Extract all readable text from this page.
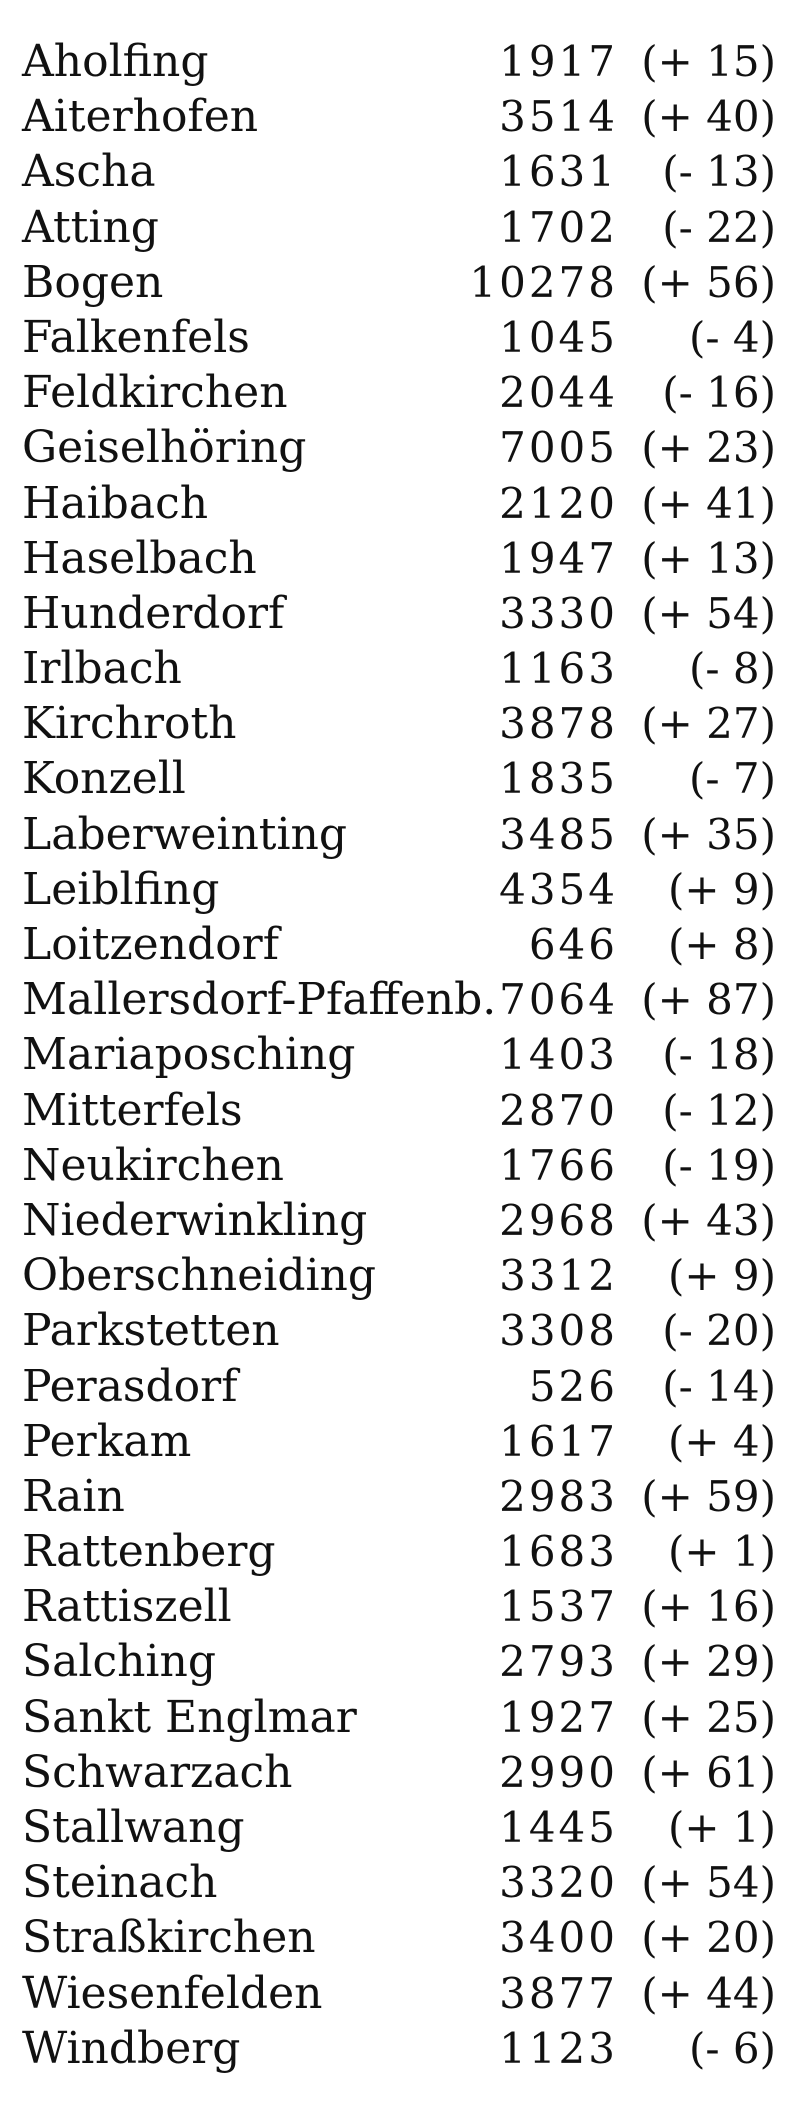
Aholfing	1917 (+ 15)
Aiterhofen	3514 (+ 40)
Ascha	1631 (- 13)
Atting	1702 (- 22)
Bogen	10278 (+ 56)
Falkenfels	1045 (- 4)
Feldkirchen	2044 (- 16)
Geiselhöring	7005 (+ 23)
Haibach	2120 (+ 41)
Haselbach	1947 (+ 13)
Hunderdorf	3330 (+ 54)
Irlbach	1163 (- 8)
Kirchroth	3878 (+ 27)
Konzell	1835 (- 7)
Laberweinting	3485 (+ 35)
Leiblfing	4354 (+ 9)
Loitzendorf	646 (+ 8)
Mallersdorf-Pfaffenb. 7064 (+ 87)
Mariaposching	1403 (- 18)
Mitterfels	2870 (- 12)
Neukirchen	1766 (- 19)
Niederwinkling	2968 (+ 43)
Oberschneiding	3312 (+ 9)
Parkstetten	3308 (- 20)
Perasdorf	526 (- 14)
Perkam	1617 (+ 4)
Rain	2983 (+ 59)
Rattenberg	1683 (+ 1)
Rattiszell	1537 (+ 16)
Salching	2793 (+ 29)
Sankt Englmar	1927 (+ 25)
Schwarzach	2990 (+ 61)
Stallwang	1445 (+ 1)
Steinach	3320 (+ 54)
Straßkirchen	3400 (+ 20)
Wiesenfelden	3877 (+ 44)
Windberg	1123 (- 6)
